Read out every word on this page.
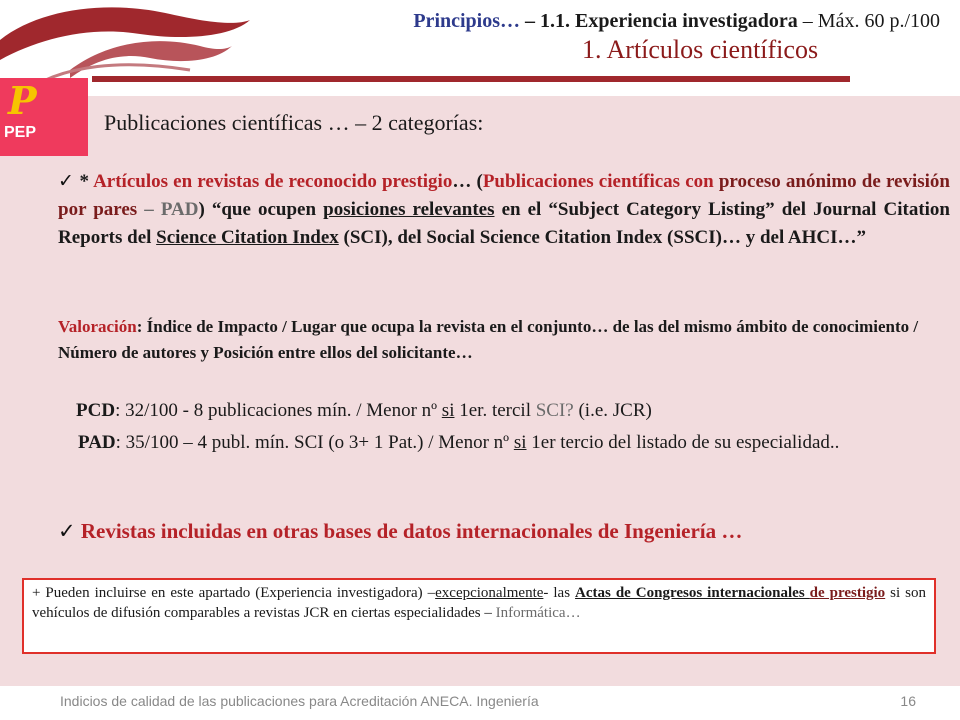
Principios… – 1.1. Experiencia investigadora – Máx. 60 p./100
1. Artículos científicos
P
PEP	Publicaciones científicas … – 2 categorías:
✓ * Artículos en revistas de reconocido prestigio… (Publicaciones científicas con proceso anónimo de revisión por pares – PAD) “que ocupen posiciones relevantes en el “Subject Category Listing” del Journal Citation Reports del Science Citation Index (SCI), del Social Science Citation Index (SSCI)… y del AHCI…”
Valoración: Índice de Impacto / Lugar que ocupa la revista en el conjunto… de las del mismo ámbito de conocimiento / Número de autores y Posición entre ellos del solicitante…
PCD: 32/100 - 8 publicaciones mín. / Menor nº si 1er. tercil SCI? (i.e. JCR)
PAD: 35/100 – 4 publ. mín. SCI (o 3+ 1 Pat.) / Menor nº si 1er tercio del listado de su especialidad..
✓ Revistas incluidas en otras bases de datos internacionales de Ingeniería …
+ Pueden incluirse en este apartado (Experiencia investigadora) –excepcionalmente- las Actas de Congresos internacionales de prestigio si son vehículos de difusión comparables a revistas JCR en ciertas especialidades – Informática…
Indicios de calidad de las publicaciones para Acreditación ANECA. Ingeniería	16
